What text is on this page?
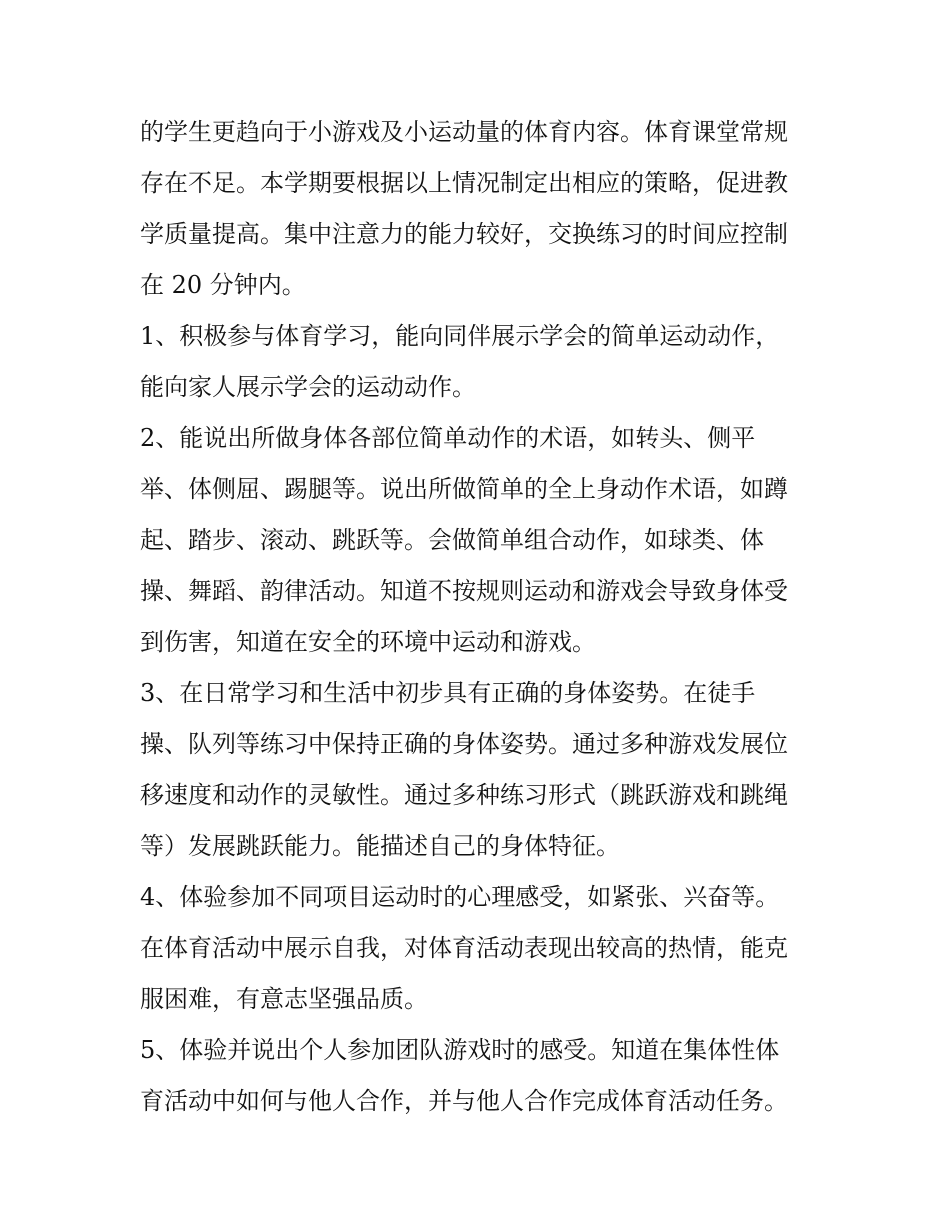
的学生更趋向于小游戏及小运动量的体育内容。体育课堂常规
存在不足。本学期要根据以上情况制定出相应的策略，促进教
学质量提高。集中注意力的能力较好，交换练习的时间应控制
在 20 分钟内。
1、积极参与体育学习，能向同伴展示学会的简单运动动作，
能向家人展示学会的运动动作。
2、能说出所做身体各部位简单动作的术语，如转头、侧平
举、体侧屈、踢腿等。说出所做简单的全上身动作术语，如蹲
起、踏步、滚动、跳跃等。会做简单组合动作，如球类、体
操、舞蹈、韵律活动。知道不按规则运动和游戏会导致身体受
到伤害，知道在安全的环境中运动和游戏。
3、在日常学习和生活中初步具有正确的身体姿势。在徒手
操、队列等练习中保持正确的身体姿势。通过多种游戏发展位
移速度和动作的灵敏性。通过多种练习形式（跳跃游戏和跳绳
等）发展跳跃能力。能描述自己的身体特征。
4、体验参加不同项目运动时的心理感受，如紧张、兴奋等。
在体育活动中展示自我，对体育活动表现出较高的热情，能克
服困难，有意志坚强品质。
5、体验并说出个人参加团队游戏时的感受。知道在集体性体
育活动中如何与他人合作，并与他人合作完成体育活动任务。
